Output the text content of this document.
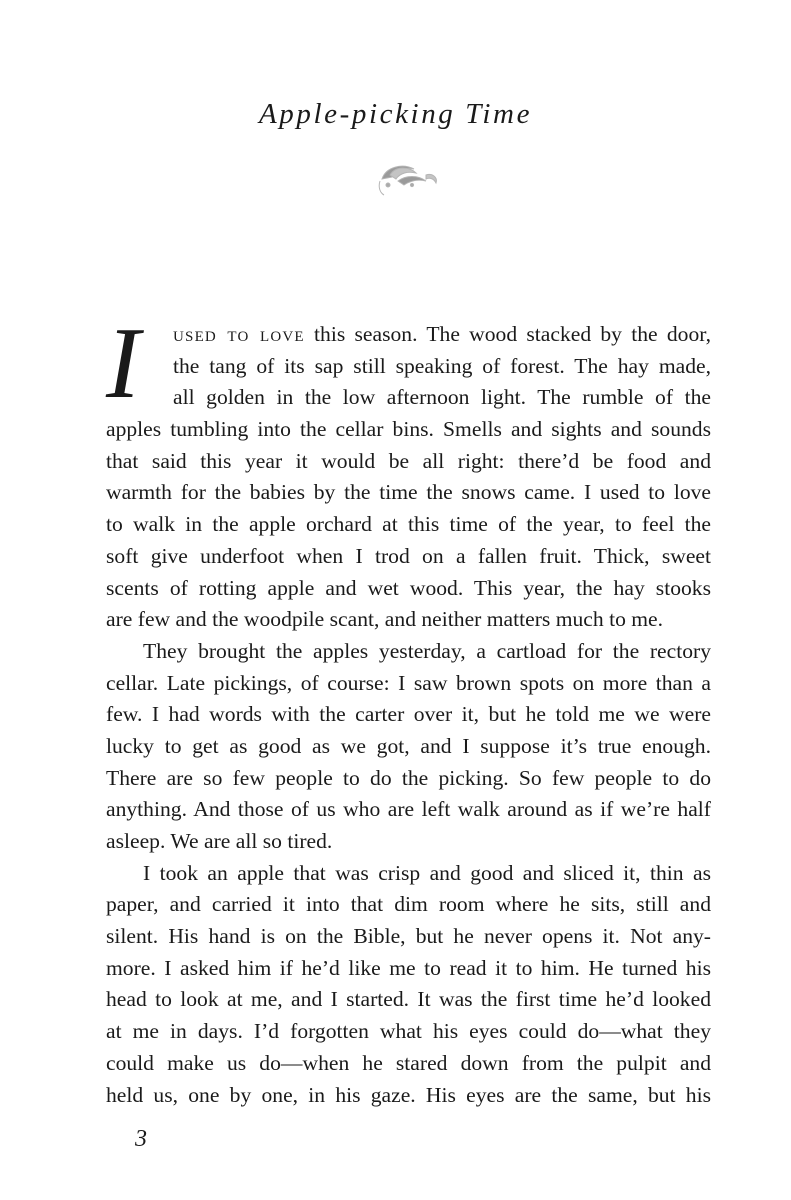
Apple-picking Time
I	used to love this season. The wood stacked by the door,
the tang of its sap still speaking of forest. The hay made,
all golden in the low afternoon light. The rumble of the
apples tumbling into the cellar bins. Smells and sights and sounds
that said this year it would be all right: there’d be food and
warmth for the babies by the time the snows came. I used to love
to walk in the apple orchard at this time of the year, to feel the
soft give underfoot when I trod on a fallen fruit. Thick, sweet
scents of rotting apple and wet wood. This year, the hay stooks
are few and the woodpile scant, and neither matters much to me.
They brought the apples yesterday, a cartload for the rectory
cellar. Late pickings, of course: I saw brown spots on more than a
few. I had words with the carter over it, but he told me we were
lucky to get as good as we got, and I suppose it’s true enough.
There are so few people to do the picking. So few people to do
anything. And those of us who are left walk around as if we’re half
asleep. We are all so tired.
I took an apple that was crisp and good and sliced it, thin as
paper, and carried it into that dim room where he sits, still and
silent. His hand is on the Bible, but he never opens it. Not any-
more. I asked him if he’d like me to read it to him. He turned his
head to look at me, and I started. It was the first time he’d looked
at me in days. I’d forgotten what his eyes could do—what they
could make us do—when he stared down from the pulpit and
held us, one by one, in his gaze. His eyes are the same, but his
3
